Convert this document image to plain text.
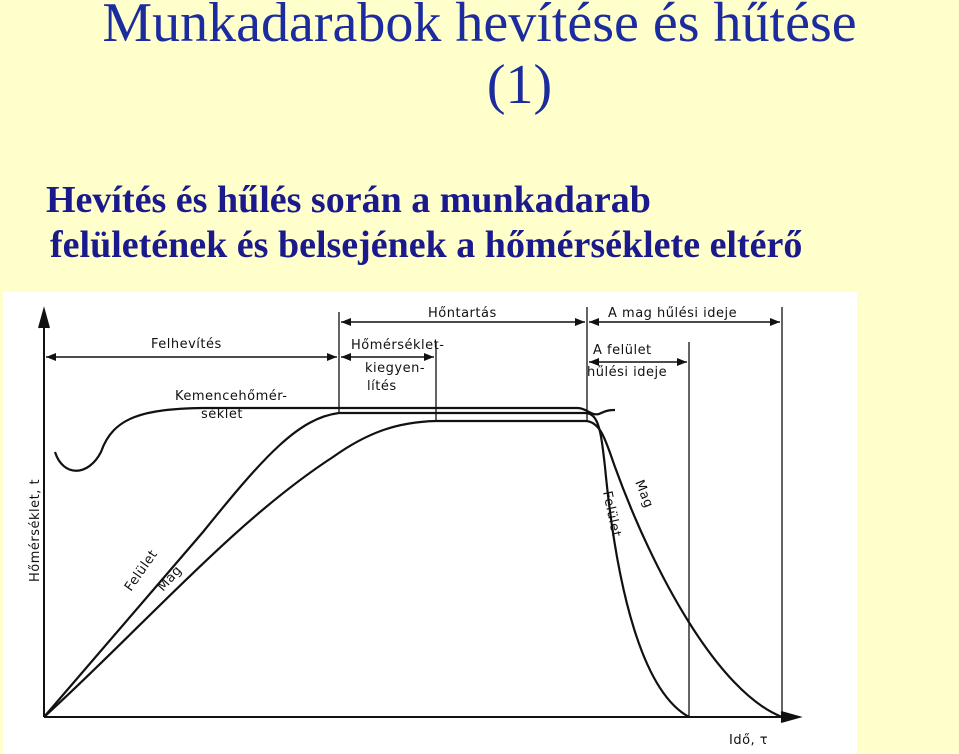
Munkadarabok hevítése és hűtése
(1)

Hevítés és hűlés során a munkadarab
felületének és belsejének a hőmérséklete eltérő

Felhevítés
Hőntartás	A mag hűlési ideje
Hőmérséklet-
kiegyen-
lítés
A felület
hűlési ideje
Kemencehőmér-
séklet
Hőmérséklet, t
Idő, τ
Felület
Mag
Felület Mag
